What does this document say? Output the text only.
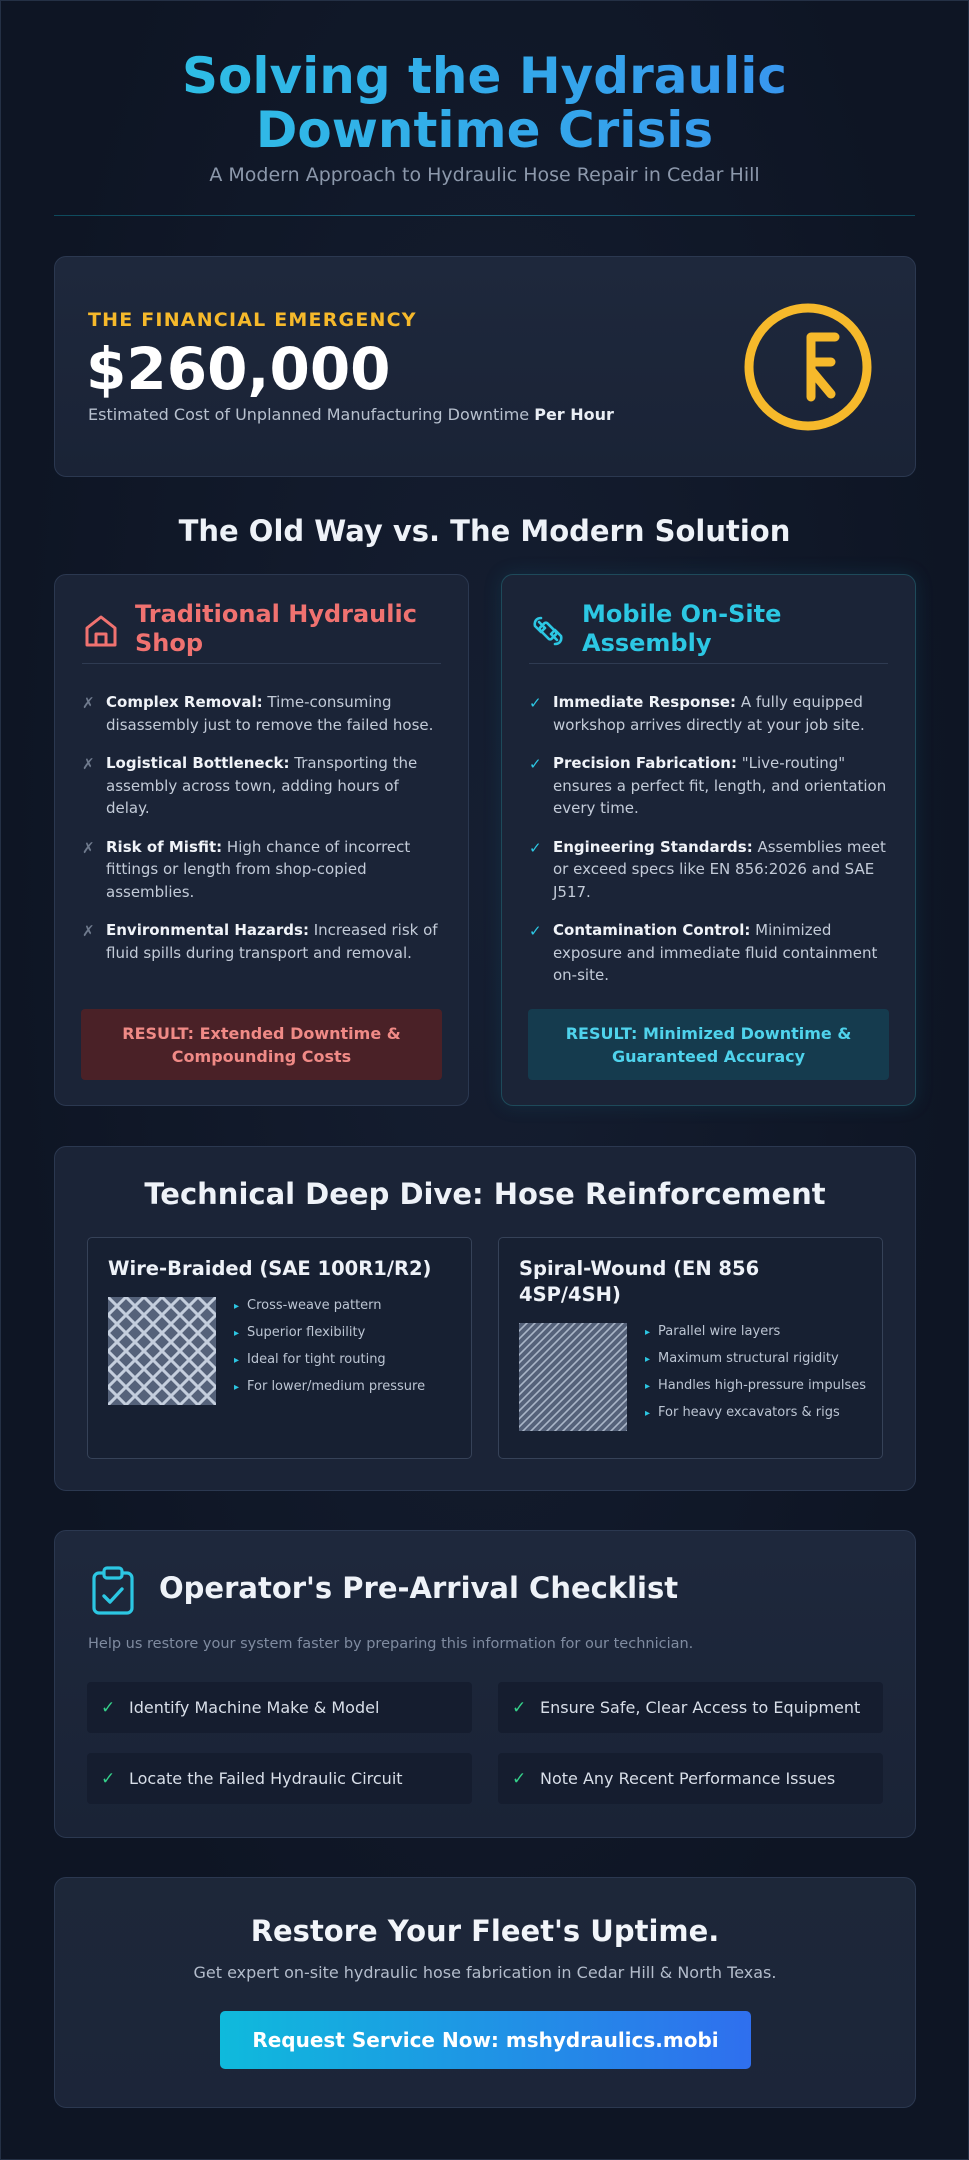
Solving the Hydraulic Downtime Crisis
A Modern Approach to Hydraulic Hose Repair in Cedar Hill
THE FINANCIAL EMERGENCY
$260,000
Estimated Cost of Unplanned Manufacturing Downtime Per Hour
The Old Way vs. The Modern Solution
Traditional Hydraulic Shop
✗ Complex Removal: Time-consuming disassembly just to remove the failed hose.
✗ Logistical Bottleneck: Transporting the assembly across town, adding hours of delay.
✗ Risk of Misfit: High chance of incorrect fittings or length from shop-copied assemblies.
✗ Environmental Hazards: Increased risk of fluid spills during transport and removal.
RESULT: Extended Downtime & Compounding Costs
Mobile On-Site Assembly
✓ Immediate Response: A fully equipped workshop arrives directly at your job site.
✓ Precision Fabrication: "Live-routing" ensures a perfect fit, length, and orientation every time.
✓ Engineering Standards: Assemblies meet or exceed specs like EN 856:2026 and SAE J517.
✓ Contamination Control: Minimized exposure and immediate fluid containment on-site.
RESULT: Minimized Downtime & Guaranteed Accuracy
Technical Deep Dive: Hose Reinforcement
Wire-Braided (SAE 100R1/R2)
▸ Cross-weave pattern
▸ Superior flexibility
▸ Ideal for tight routing
▸ For lower/medium pressure
Spiral-Wound (EN 856 4SP/4SH)
▸ Parallel wire layers
▸ Maximum structural rigidity
▸ Handles high-pressure impulses
▸ For heavy excavators & rigs
Operator's Pre-Arrival Checklist
Help us restore your system faster by preparing this information for our technician.
✓ Identify Machine Make & Model	✓ Ensure Safe, Clear Access to Equipment
✓ Locate the Failed Hydraulic Circuit	✓ Note Any Recent Performance Issues
Restore Your Fleet's Uptime.
Get expert on-site hydraulic hose fabrication in Cedar Hill & North Texas.
Request Service Now: mshydraulics.mobi
